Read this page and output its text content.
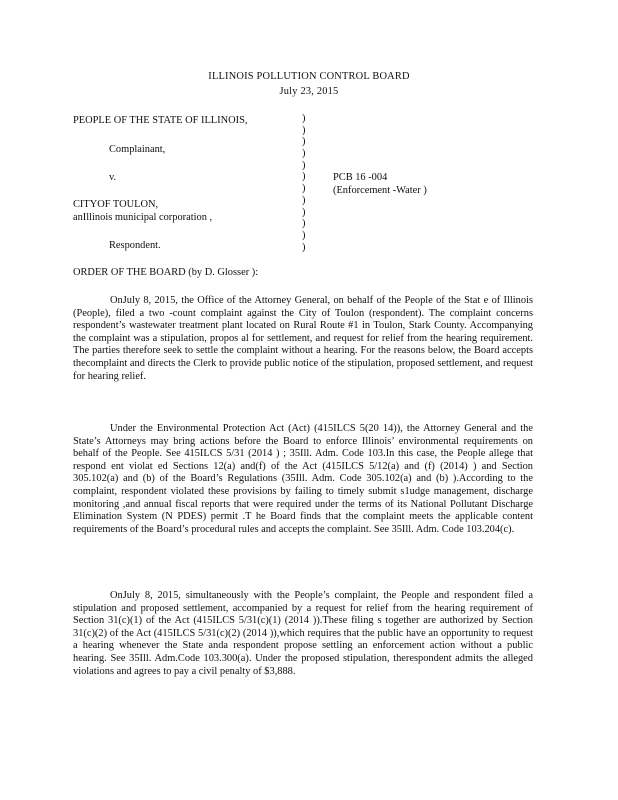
ILLINOIS POLLUTION CONTROL BOARD
July 23, 2015
PEOPLE OF THE STATE OF ILLINOIS,
Complainant,
v.
CITYOF TOULON,
anIllinois municipal corporation ,
Respondent.
)
)
)
)
)
)
)
)
)
)
)
)
PCB 16 -004
(Enforcement -Water )
ORDER OF THE BOARD (by D. Glosser ):

OnJuly 8, 2015, the Office of the Attorney General, on behalf of the People of the Stat e of Illinois (People), filed a two -count complaint against the City of Toulon (respondent). The complaint concerns respondent’s wastewater treatment plant located on Rural Route #1 in Toulon, Stark County. Accompanying the complaint was a stipulation, propos al for settlement, and request for relief from the hearing requirement. The parties therefore seek to settle the complaint without a hearing. For the reasons below, the Board accepts thecomplaint and directs the Clerk to provide public notice of the stipulation, proposed settlement, and request for hearing relief.

Under the Environmental Protection Act (Act) (415ILCS 5(20 14)), the Attorney General and the State’s Attorneys may bring actions before the Board to enforce Illinois’ environmental requirements on behalf of the People. See 415ILCS 5/31 (2014 ) ; 35Ill. Adm. Code 103.In this case, the People allege that respond ent violat ed Sections 12(a) and(f) of the Act (415ILCS 5/12(a) and (f) (2014) ) and Section 305.102(a) and (b) of the Board’s Regulations (35Ill. Adm. Code 305.102(a) and (b) ).According to the complaint, respondent violated these provisions by failing to timely submit s1udge management, discharge monitoring ,and annual fiscal reports that were required under the terms of its National Pollutant Discharge Elimination System (N PDES) permit .T he Board finds that the complaint meets the applicable content requirements of the Board’s procedural rules and accepts the complaint. See 35Ill. Adm. Code 103.204(c).

OnJuly 8, 2015, simultaneously with the People’s complaint, the People and respondent filed a stipulation and proposed settlement, accompanied by a request for relief from the hearing requirement of Section 31(c)(1) of the Act (415ILCS 5/31(c)(1) (2014 )).These filing s together are authorized by Section 31(c)(2) of the Act (415ILCS 5/31(c)(2) (2014 )),which requires that the public have an opportunity to request a hearing whenever the State anda respondent propose settling an enforcement action without a public hearing. See 35Ill. Adm.Code 103.300(a). Under the proposed stipulation, therespondent admits the alleged violations and agrees to pay a civil penalty of $3,888.
